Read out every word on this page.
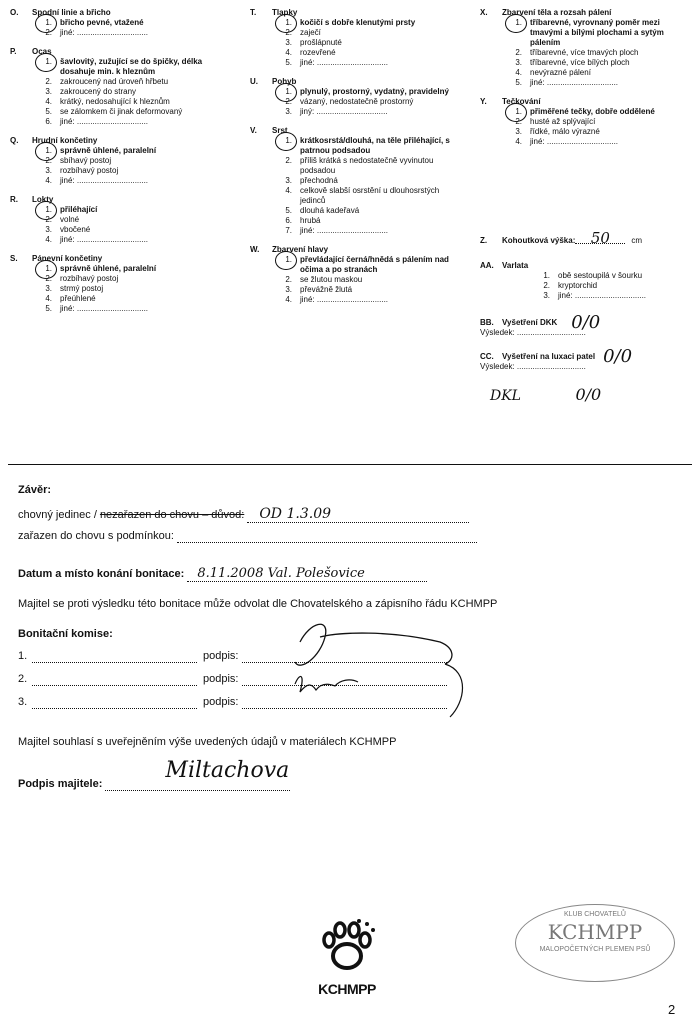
O.	Spodní linie a břicho
1.	břicho pevné, vtažené
2.	jiné: ................................
P.	Ocas
1.	šavlovitý, zužující se do špičky, délka dosahuje min. k hleznům
2.	zakroucený nad úroveň hřbetu
3.	zakroucený do strany
4.	krátký, nedosahující k hleznům
5.	se zálomkem či jinak deformovaný
6.	jiné: ................................
Q.	Hrudní končetiny
1.	správně úhlené, paralelní
2.	sbíhavý postoj
3.	rozbíhavý postoj
4.	jiné: ................................
R.	Lokty
1.	přiléhající
2.	volné
3.	vbočené
4.	jiné: ................................
S.	Pánevní končetiny
1.	správně úhlené, paralelní
2.	rozbíhavý postoj
3.	strmý postoj
4.	přeúhlené
5.	jiné: ................................
T.	Tlapky
1.	kočičí s dobře klenutými prsty
2.	zaječí
3.	prošlápnuté
4.	rozevřené
5.	jiné: ................................
U.	Pohyb
1.	plynulý, prostorný, vydatný, pravidelný
2.	vázaný, nedostatečně prostorný
3.	jiný: ................................
V.	Srst
1.	krátkosrstá/dlouhá, na těle přiléhající, s patrnou podsadou
2.	příliš krátká s nedostatečně vyvinutou podsadou
3.	přechodná
4.	celkově slabší osrstění u dlouhosrstých jedinců
5.	dlouhá kadeřavá
6.	hrubá
7.	jiné: ................................
W.	Zbarvení hlavy
1.	převládající černá/hnědá s pálením nad očima a po stranách
2.	se žlutou maskou
3.	převážně žlutá
4.	jiné: ................................
X.	Zbarvení těla a rozsah pálení
1.	tříbarevné, vyrovnaný poměr mezi tmavými a bílými plochami a sytým pálením
2.	tříbarevné, více tmavých ploch
3.	tříbarevné, více bílých ploch
4.	nevýrazné pálení
5.	jiné: ................................
Y.	Tečkování
1.	přiměřené tečky, dobře oddělené
2.	husté až splývající
3.	řídké, málo výrazné
4.	jiné: ................................
Z.	Kohoutková výška:	50	cm
AA.	Varlata
1.	obě sestoupilá v šourku
2.	kryptorchid
3.	jiné: ................................
BB.	Vyšetření DKK 0/0
Výsledek: ...............................
CC.	Vyšetření na luxaci patel 0/0
Výsledek: ...............................
DKL	0/0
Závěr:
chovný jedinec / nezařazen do chovu – důvod: OD 1.3.09
zařazen do chovu s podmínkou:
Datum a místo konání bonitace: 8.11.2008 Val. Polešovice
Majitel se proti výsledku této bonitace může odvolat dle Chovatelského a zápisního řádu KCHMPP
Bonitační komise:
1.	podpis:
2.	podpis:
3.	podpis:
Majitel souhlasí s uveřejněním výše uvedených údajů v materiálech KCHMPP
Podpis majitele:
Miltachova
KCHMPP
KLUB CHOVATELŮ
KCHMPP
MALOPOČETNÝCH PLEMEN PSŮ
2
